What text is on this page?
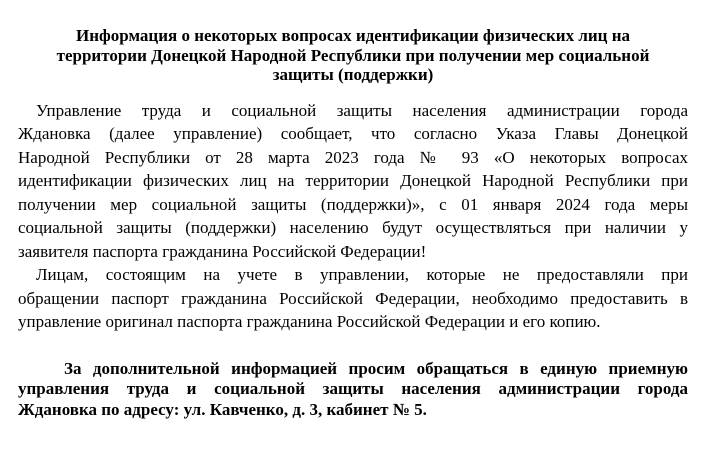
Информация о некоторых вопросах идентификации физических лиц на
территории Донецкой Народной Республики при получении мер социальной
защиты (поддержки)

Управление труда и социальной защиты населения администрации города
Ждановка (далее управление) сообщает, что согласно Указа Главы Донецкой
Народной Республики от 28 марта 2023 года № 93 «О некоторых вопросах
идентификации физических лиц на территории Донецкой Народной Республики при
получении мер социальной защиты (поддержки)», с 01 января 2024 года меры
социальной защиты (поддержки) населению будут осуществляться при наличии у
заявителя паспорта гражданина Российской Федерации!

Лицам, состоящим на учете в управлении, которые не предоставляли при
обращении паспорт гражданина Российской Федерации, необходимо предоставить в
управление оригинал паспорта гражданина Российской Федерации и его копию.

За дополнительной информацией просим обращаться в единую приемную
управления труда и социальной защиты населения администрации города
Ждановка по адресу: ул. Кавченко, д. 3, кабинет № 5.
